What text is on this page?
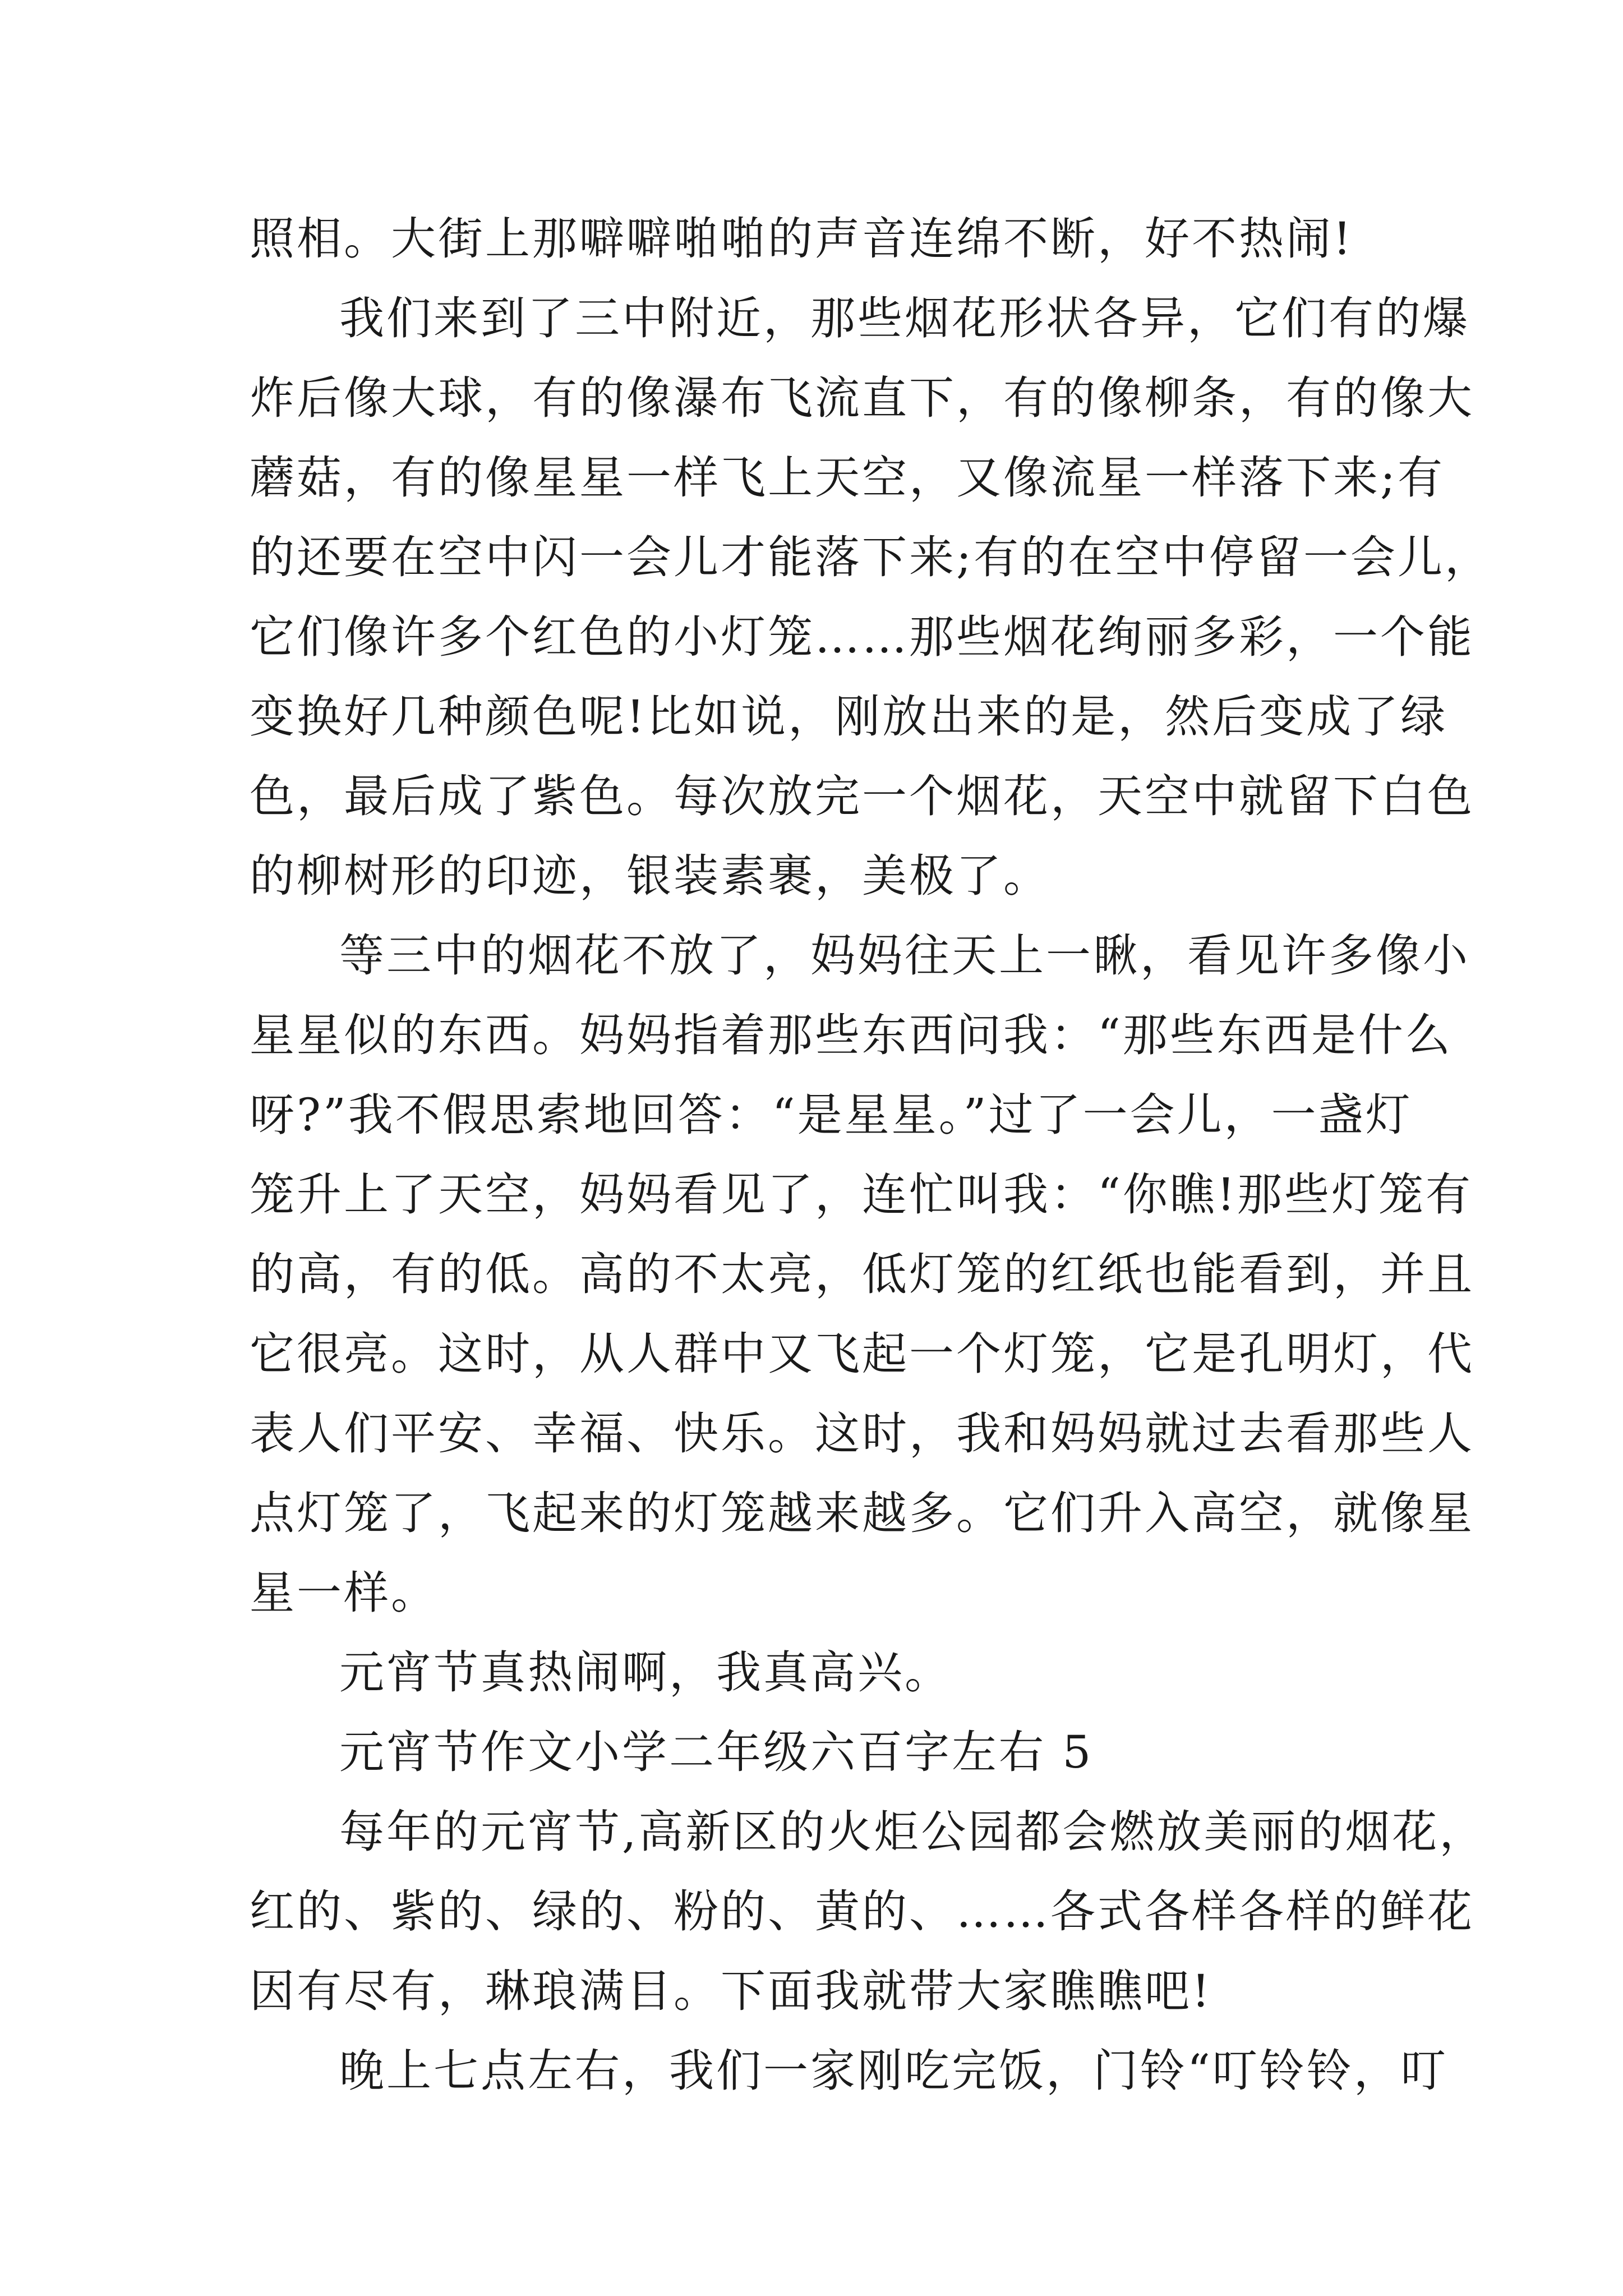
照相。大街上那噼噼啪啪的声音连绵不断，好不热闹!
我们来到了三中附近，那些烟花形状各异，它们有的爆
炸后像大球，有的像瀑布飞流直下，有的像柳条，有的像大
蘑菇，有的像星星一样飞上天空，又像流星一样落下来;有
的还要在空中闪一会儿才能落下来;有的在空中停留一会儿，
它们像许多个红色的小灯笼……那些烟花绚丽多彩，一个能
变换好几种颜色呢!比如说，刚放出来的是，然后变成了绿
色，最后成了紫色。每次放完一个烟花，天空中就留下白色
的柳树形的印迹，银装素裹，美极了。
等三中的烟花不放了，妈妈往天上一瞅，看见许多像小
星星似的东西。妈妈指着那些东西问我：“那些东西是什么
呀?”我不假思索地回答：“是星星。”过了一会儿，一盏灯
笼升上了天空，妈妈看见了，连忙叫我：“你瞧!那些灯笼有
的高，有的低。高的不太亮，低灯笼的红纸也能看到，并且
它很亮。这时，从人群中又飞起一个灯笼，它是孔明灯，代
表人们平安、幸福、快乐。这时，我和妈妈就过去看那些人
点灯笼了，飞起来的灯笼越来越多。它们升入高空，就像星
星一样。
元宵节真热闹啊，我真高兴。
元宵节作文小学二年级六百字左右 5
每年的元宵节,高新区的火炬公园都会燃放美丽的烟花，
红的、紫的、绿的、粉的、黄的、……各式各样各样的鲜花
因有尽有，琳琅满目。下面我就带大家瞧瞧吧!
晚上七点左右，我们一家刚吃完饭，门铃“叮铃铃，叮
